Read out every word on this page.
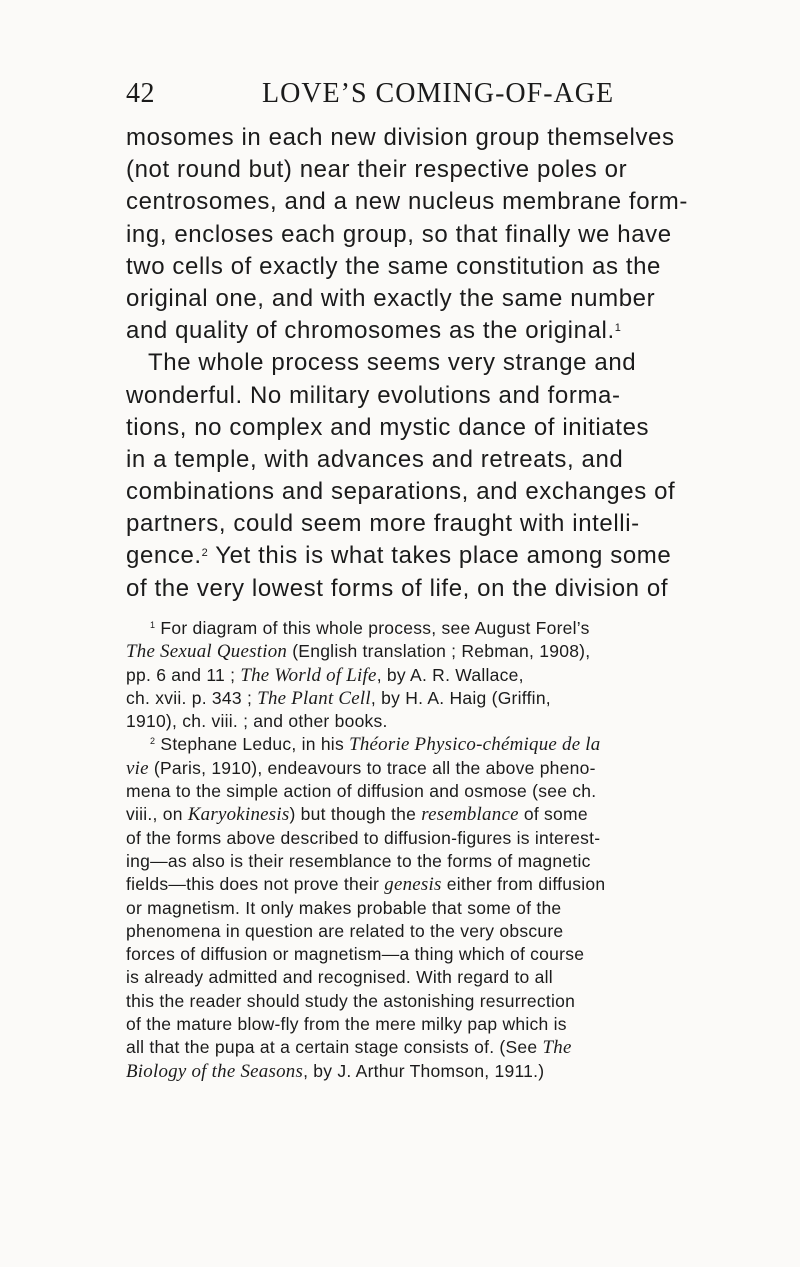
42	LOVE’S COMING-OF-AGE
mosomes in each new division group themselves
(not round but) near their respective poles or
centrosomes, and a new nucleus membrane form-
ing, encloses each group, so that finally we have
two cells of exactly the same constitution as the
original one, and with exactly the same number
and quality of chromosomes as the original.$^1$
The whole process seems very strange and
wonderful. No military evolutions and forma-
tions, no complex and mystic dance of initiates
in a temple, with advances and retreats, and
combinations and separations, and exchanges of
partners, could seem more fraught with intelli-
gence.$^2$ Yet this is what takes place among some
of the very lowest forms of life, on the division of
$^1$ For diagram of this whole process, see August Forel’s
The Sexual Question (English translation ; Rebman, 1908),
pp. 6 and 11 ; The World of Life, by A. R. Wallace,
ch. xvii. p. 343 ; The Plant Cell, by H. A. Haig (Griffin,
1910), ch. viii. ; and other books.
$^2$ Stephane Leduc, in his Théorie Physico-chémique de la
vie (Paris, 1910), endeavours to trace all the above pheno-
mena to the simple action of diffusion and osmose (see ch.
viii., on Karyokinesis) but though the resemblance of some
of the forms above described to diffusion-figures is interest-
ing—as also is their resemblance to the forms of magnetic
fields—this does not prove their genesis either from diffusion
or magnetism. It only makes probable that some of the
phenomena in question are related to the very obscure
forces of diffusion or magnetism—a thing which of course
is already admitted and recognised. With regard to all
this the reader should study the astonishing resurrection
of the mature blow-fly from the mere milky pap which is
all that the pupa at a certain stage consists of. (See The
Biology of the Seasons, by J. Arthur Thomson, 1911.)
